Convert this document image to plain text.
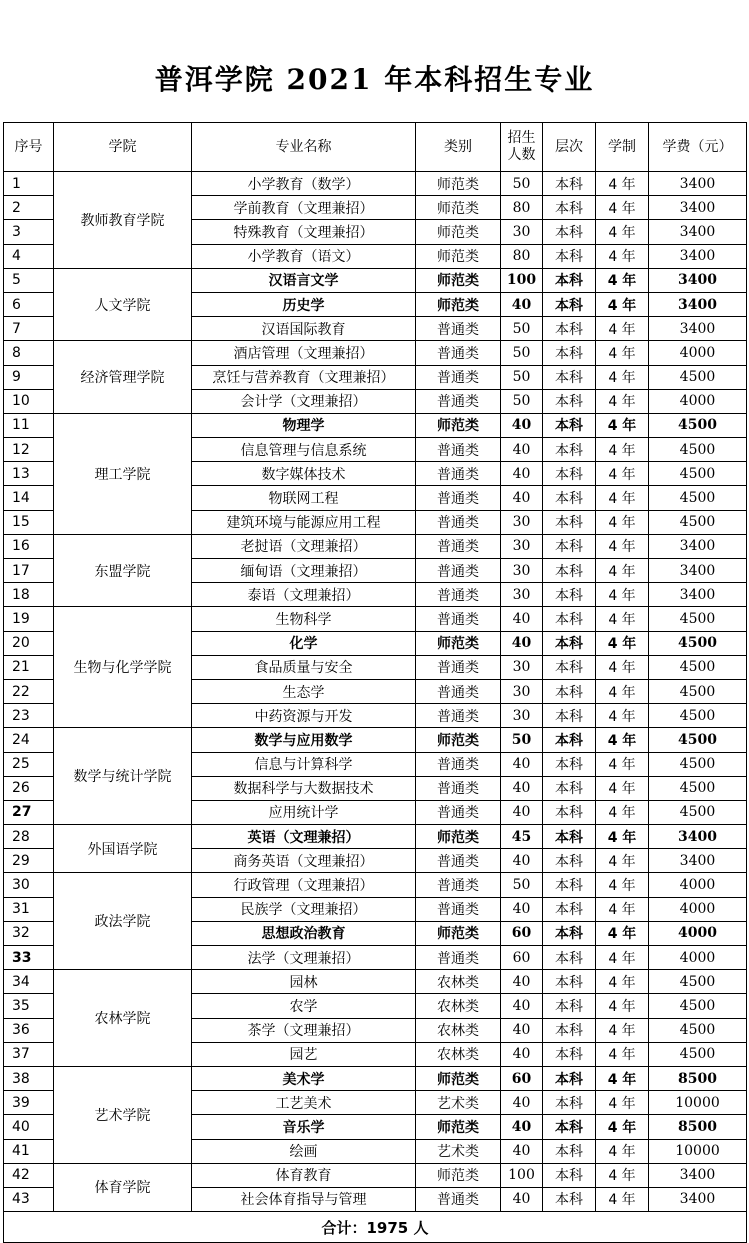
普洱学院 2021 年本科招生专业
序号	学院	专业名称	类别	招生人数	层次	学制	学费（元）
1	教师教育学院	小学教育（数学）	师范类	50	本科	4 年	3400
2		学前教育（文理兼招）	师范类	80	本科	4 年	3400
3		特殊教育（文理兼招）	师范类	30	本科	4 年	3400
4		小学教育（语文）	师范类	80	本科	4 年	3400
5	人文学院	汉语言文学	师范类	100	本科	4 年	3400
6		历史学	师范类	40	本科	4 年	3400
7		汉语国际教育	普通类	50	本科	4 年	3400
8	经济管理学院	酒店管理（文理兼招）	普通类	50	本科	4 年	4000
9		烹饪与营养教育（文理兼招）	普通类	50	本科	4 年	4500
10		会计学（文理兼招）	普通类	50	本科	4 年	4000
11	理工学院	物理学	师范类	40	本科	4 年	4500
12		信息管理与信息系统	普通类	40	本科	4 年	4500
13		数字媒体技术	普通类	40	本科	4 年	4500
14		物联网工程	普通类	40	本科	4 年	4500
15		建筑环境与能源应用工程	普通类	30	本科	4 年	4500
16	东盟学院	老挝语（文理兼招）	普通类	30	本科	4 年	3400
17		缅甸语（文理兼招）	普通类	30	本科	4 年	3400
18		泰语（文理兼招）	普通类	30	本科	4 年	3400
19	生物与化学学院	生物科学	普通类	40	本科	4 年	4500
20		化学	师范类	40	本科	4 年	4500
21		食品质量与安全	普通类	30	本科	4 年	4500
22		生态学	普通类	30	本科	4 年	4500
23		中药资源与开发	普通类	30	本科	4 年	4500
24	数学与统计学院	数学与应用数学	师范类	50	本科	4 年	4500
25		信息与计算科学	普通类	40	本科	4 年	4500
26		数据科学与大数据技术	普通类	40	本科	4 年	4500
27		应用统计学	普通类	40	本科	4 年	4500
28	外国语学院	英语（文理兼招）	师范类	45	本科	4 年	3400
29		商务英语（文理兼招）	普通类	40	本科	4 年	3400
30	政法学院	行政管理（文理兼招）	普通类	50	本科	4 年	4000
31		民族学（文理兼招）	普通类	40	本科	4 年	4000
32		思想政治教育	师范类	60	本科	4 年	4000
33		法学（文理兼招）	普通类	60	本科	4 年	4000
34	农林学院	园林	农林类	40	本科	4 年	4500
35		农学	农林类	40	本科	4 年	4500
36		茶学（文理兼招）	农林类	40	本科	4 年	4500
37		园艺	农林类	40	本科	4 年	4500
38	艺术学院	美术学	师范类	60	本科	4 年	8500
39		工艺美术	艺术类	40	本科	4 年	10000
40		音乐学	师范类	40	本科	4 年	8500
41		绘画	艺术类	40	本科	4 年	10000
42	体育学院	体育教育	师范类	100	本科	4 年	3400
43		社会体育指导与管理	普通类	40	本科	4 年	3400
合计：1975 人							
